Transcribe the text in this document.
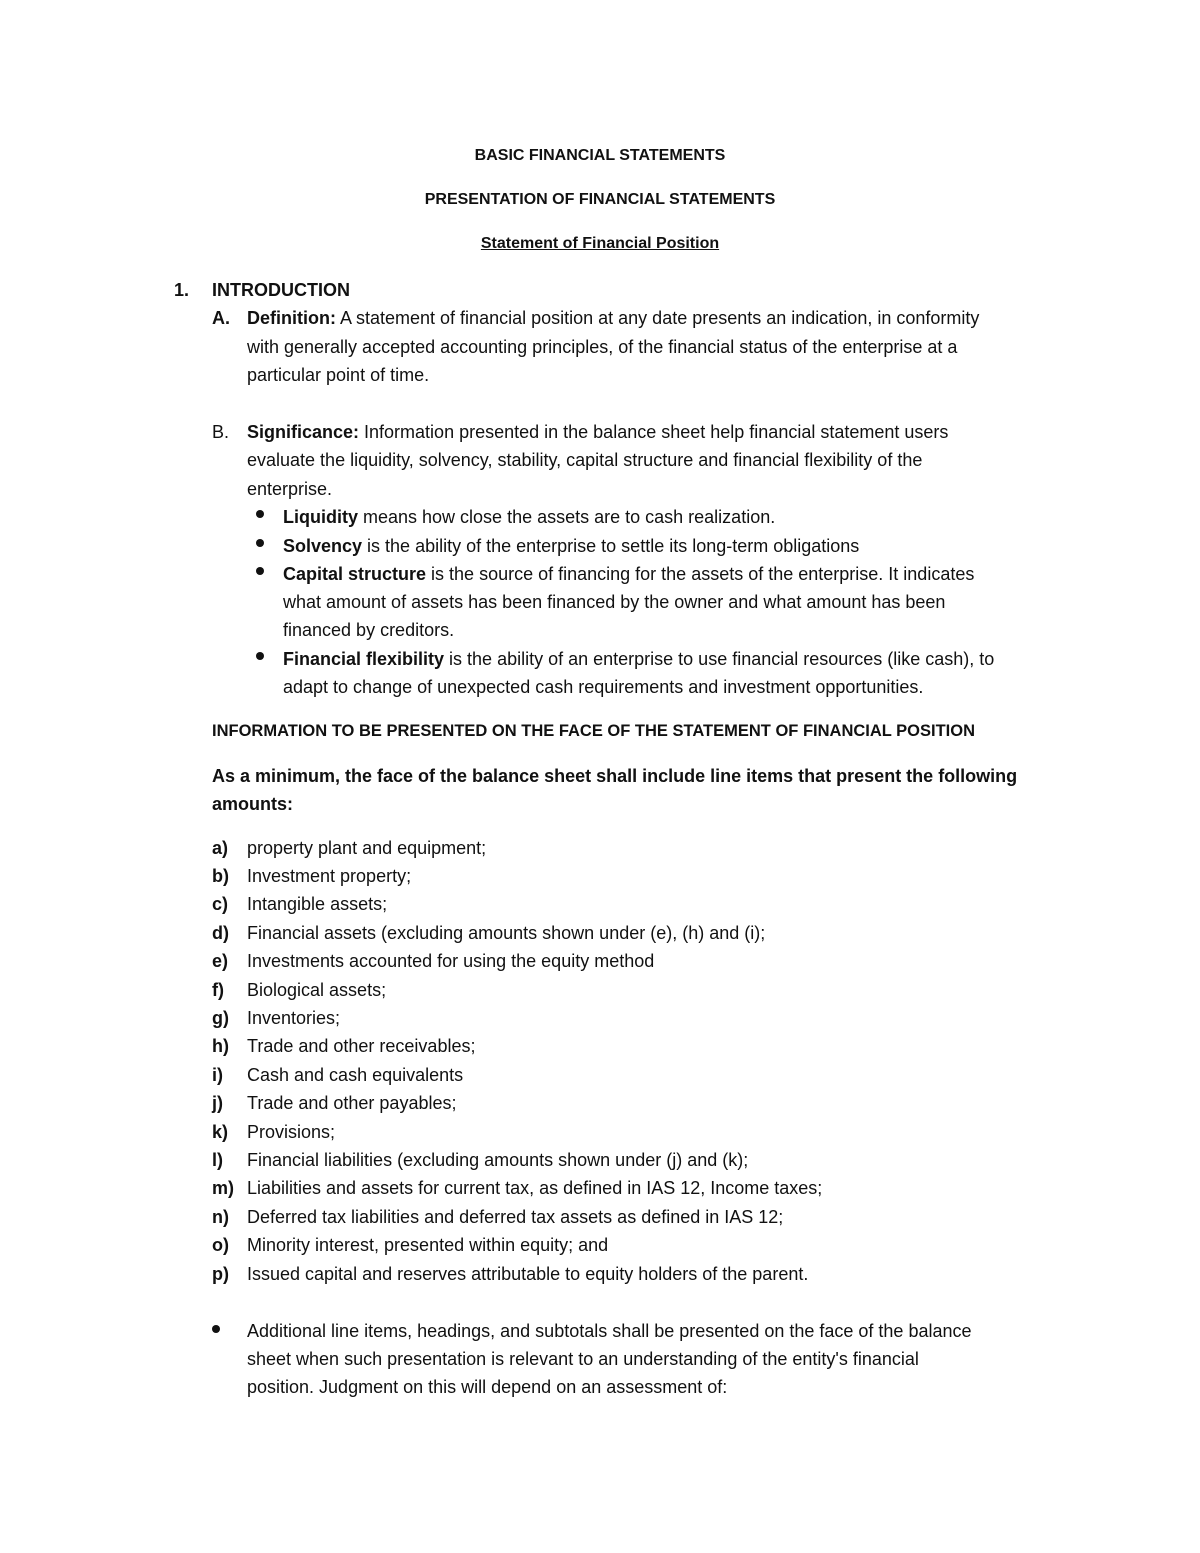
BASIC FINANCIAL STATEMENTS
PRESENTATION OF FINANCIAL STATEMENTS
Statement of Financial Position
1. INTRODUCTION
A. Definition: A statement of financial position at any date presents an indication, in conformity
with generally accepted accounting principles, of the financial status of the enterprise at a
particular point of time.
B. Significance: Information presented in the balance sheet help financial statement users
evaluate the liquidity, solvency, stability, capital structure and financial flexibility of the
enterprise.
Liquidity means how close the assets are to cash realization.
Solvency is the ability of the enterprise to settle its long-term obligations
Capital structure is the source of financing for the assets of the enterprise. It indicates
what amount of assets has been financed by the owner and what amount has been
financed by creditors.
Financial flexibility is the ability of an enterprise to use financial resources (like cash), to
adapt to change of unexpected cash requirements and investment opportunities.
INFORMATION TO BE PRESENTED ON THE FACE OF THE STATEMENT OF FINANCIAL POSITION
As a minimum, the face of the balance sheet shall include line items that present the following
amounts:
a) property plant and equipment;
b) Investment property;
c) Intangible assets;
d) Financial assets (excluding amounts shown under (e), (h) and (i);
e) Investments accounted for using the equity method
f) Biological assets;
g) Inventories;
h) Trade and other receivables;
i) Cash and cash equivalents
j) Trade and other payables;
k) Provisions;
l) Financial liabilities (excluding amounts shown under (j) and (k);
m) Liabilities and assets for current tax, as defined in IAS 12, Income taxes;
n) Deferred tax liabilities and deferred tax assets as defined in IAS 12;
o) Minority interest, presented within equity; and
p) Issued capital and reserves attributable to equity holders of the parent.
Additional line items, headings, and subtotals shall be presented on the face of the balance
sheet when such presentation is relevant to an understanding of the entity's financial
position. Judgment on this will depend on an assessment of:
